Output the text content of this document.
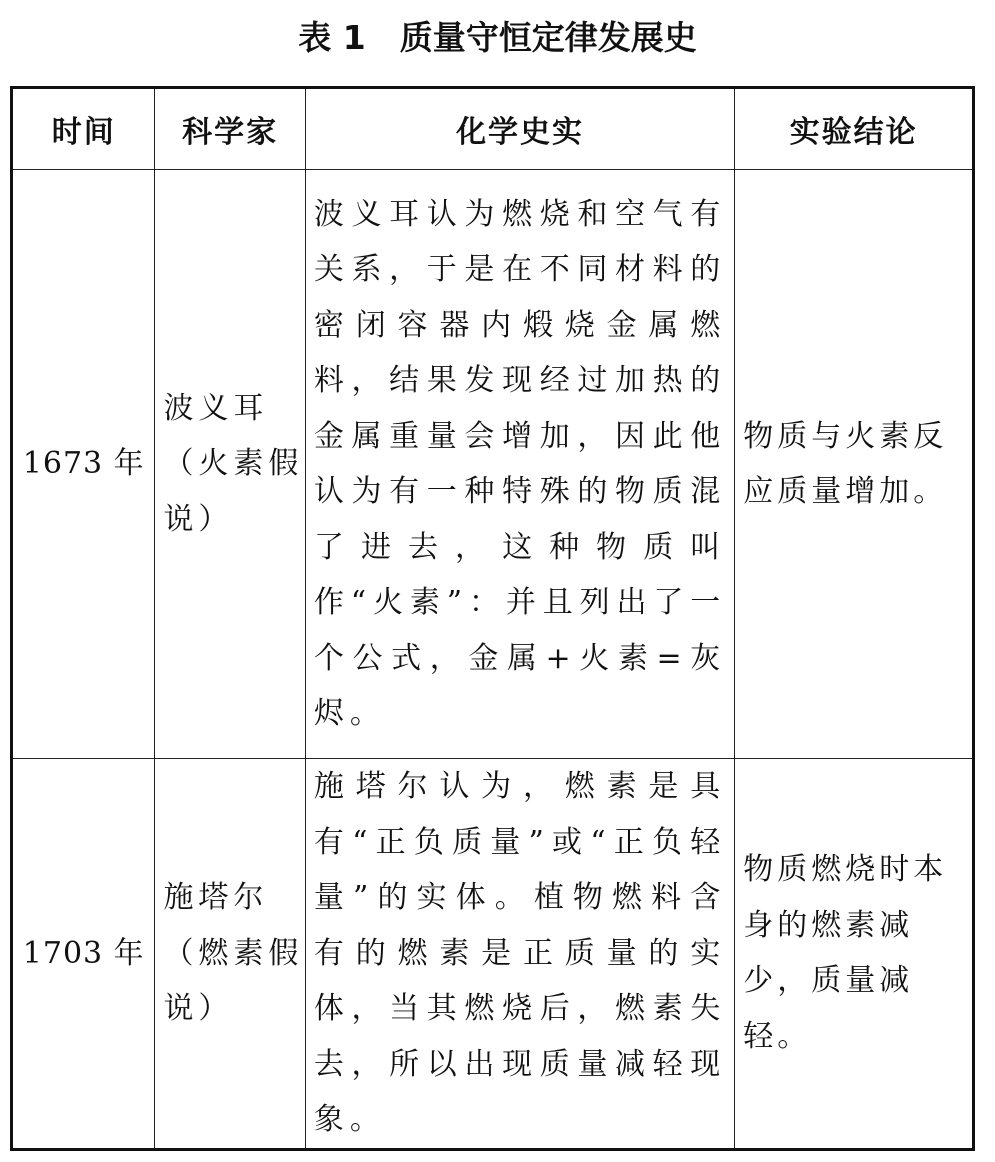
表 1 质量守恒定律发展史
时间	科学家	化学史实	实验结论
1673 年	波义耳（火素假说）	波义耳认为燃烧和空气有关系，于是在不同材料的密闭容器内煅烧金属燃料，结果发现经过加热的金属重量会增加，因此他认为有一种特殊的物质混了进去，这种物质叫作“火素”：并且列出了一个公式，金属+火素=灰烬。	物质与火素反应质量增加。
1703 年	施塔尔（燃素假说）	施塔尔认为，燃素是具有“正负质量”或“正负轻量”的实体。植物燃料含有的燃素是正质量的实体，当其燃烧后，燃素失去，所以出现质量减轻现象。	物质燃烧时本身的燃素减少，质量减轻。
